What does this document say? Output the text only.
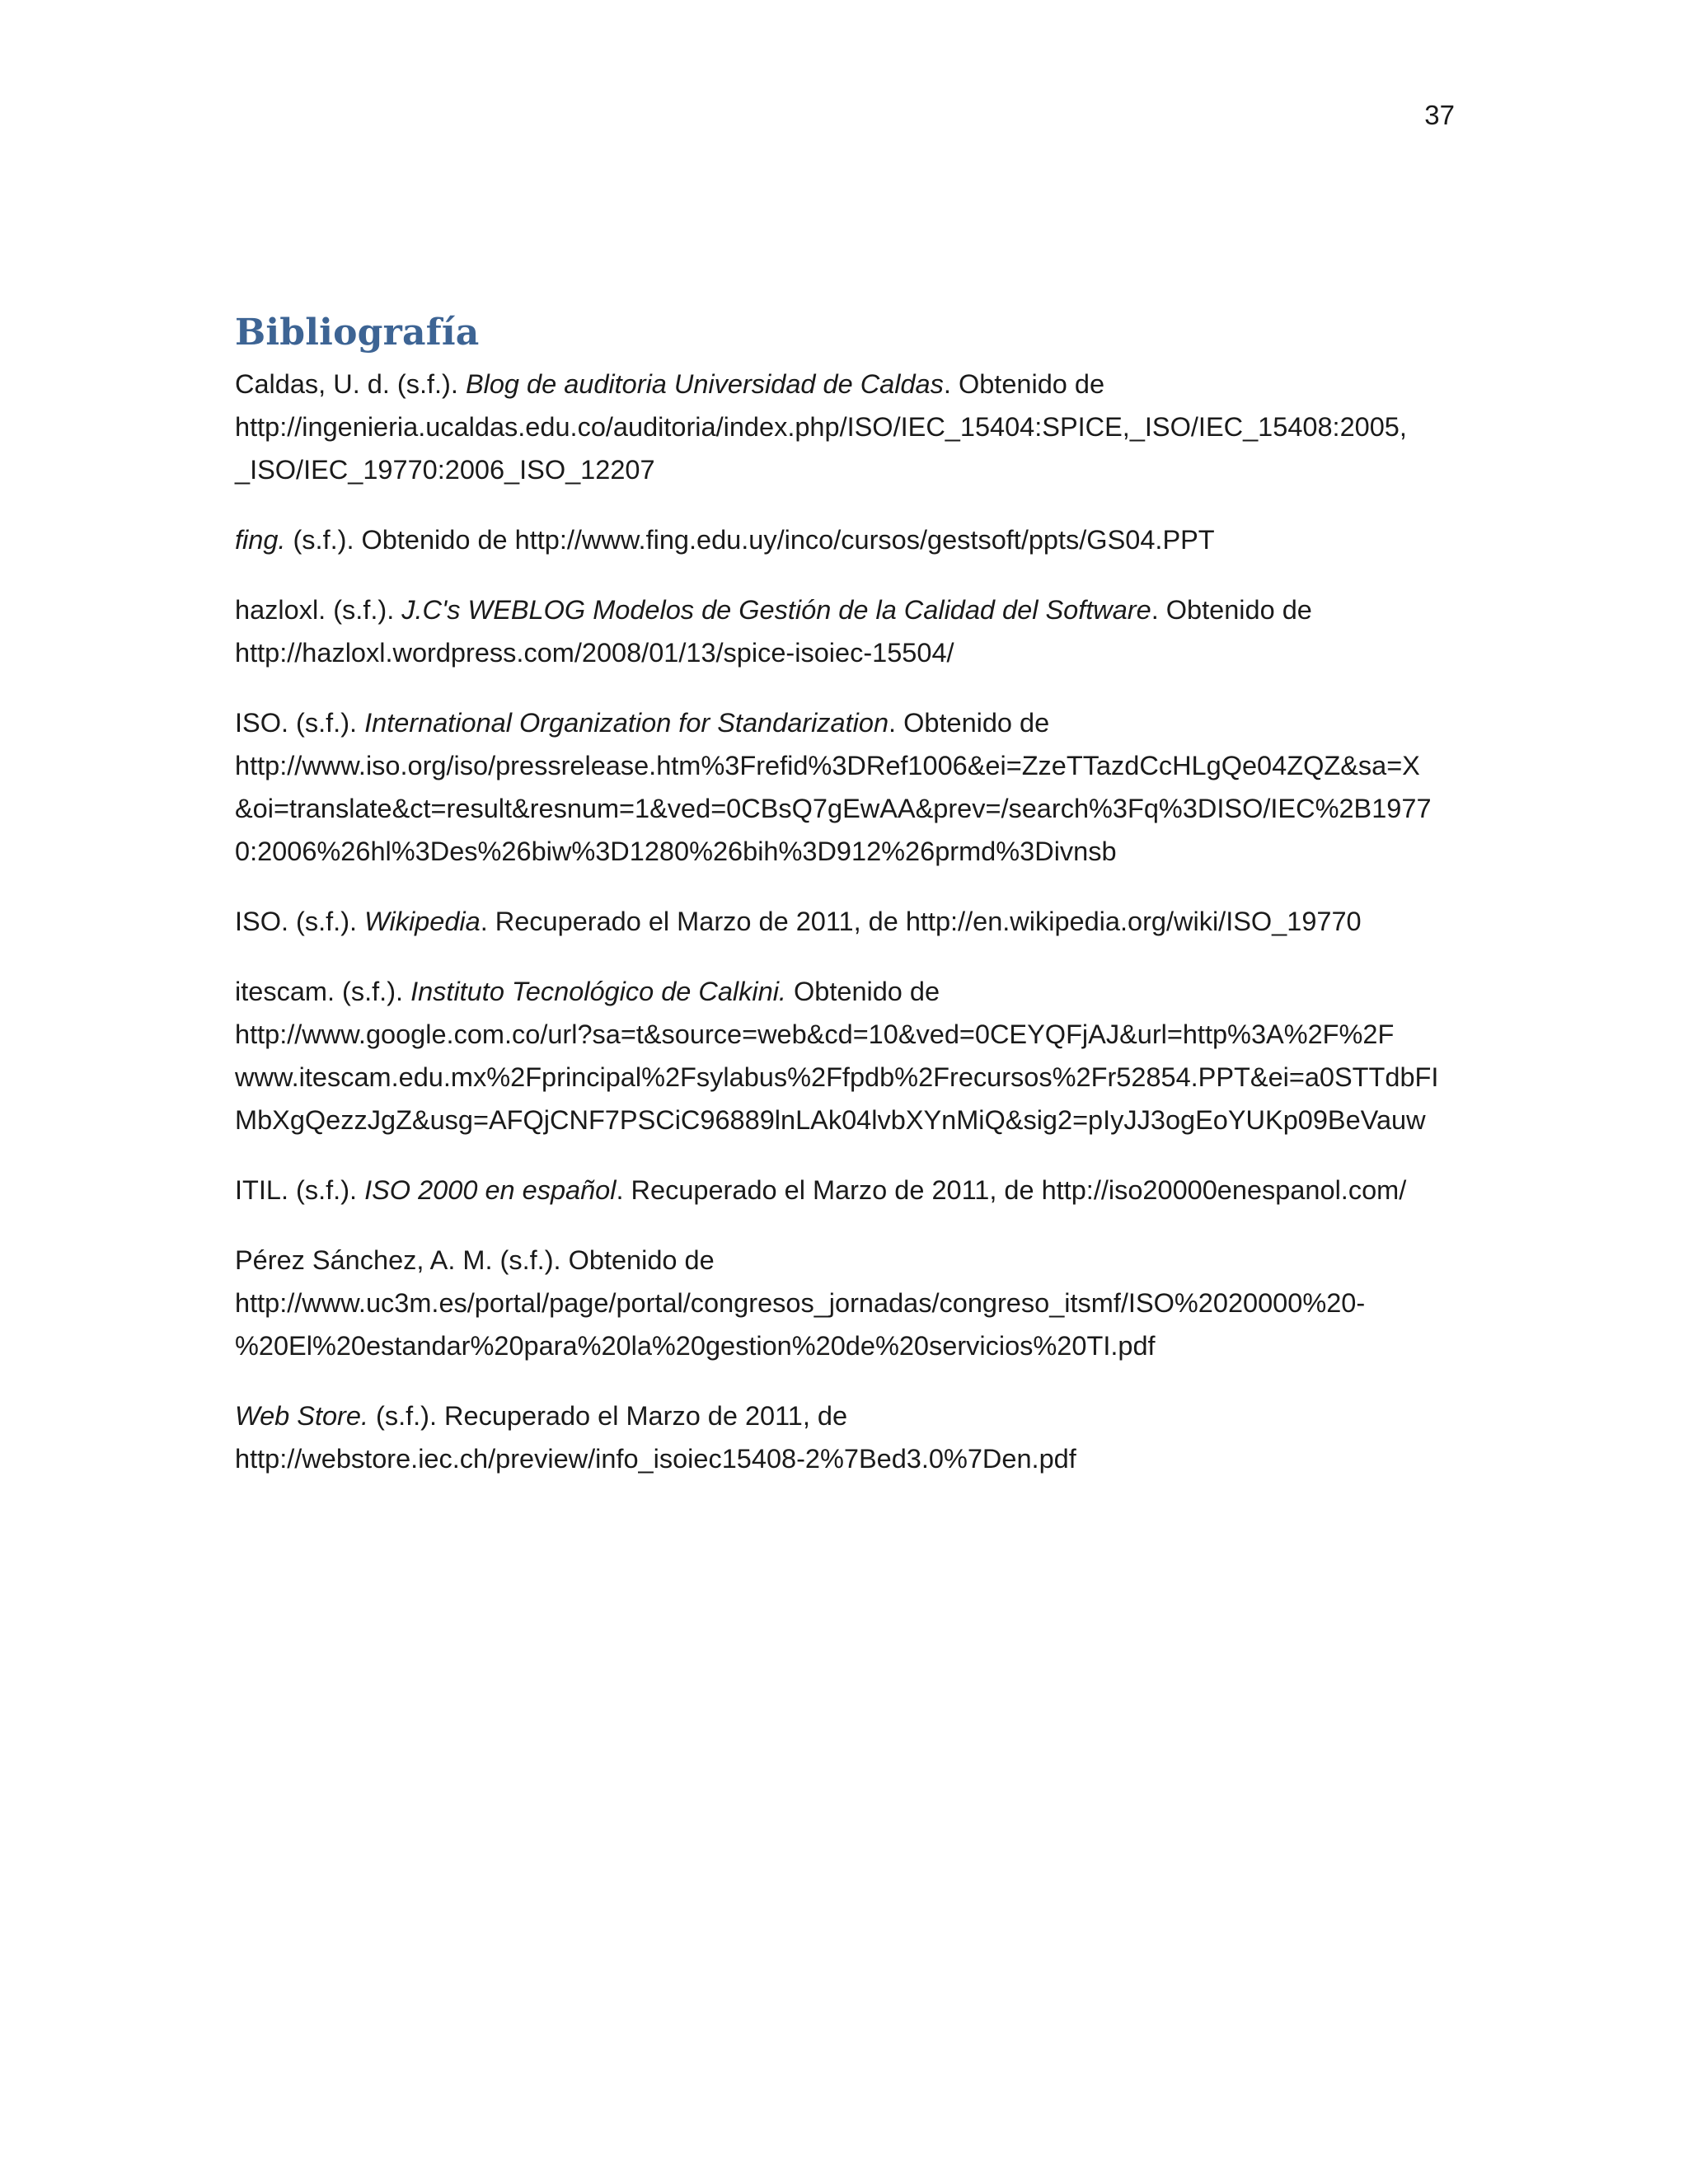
37
Bibliografía

Caldas, U. d. (s.f.). Blog de auditoria Universidad de Caldas. Obtenido de
http://ingenieria.ucaldas.edu.co/auditoria/index.php/ISO/IEC_15404:SPICE,_ISO/IEC_15408:2005,
_ISO/IEC_19770:2006_ISO_12207

fing. (s.f.). Obtenido de http://www.fing.edu.uy/inco/cursos/gestsoft/ppts/GS04.PPT

hazloxl. (s.f.). J.C's WEBLOG Modelos de Gestión de la Calidad del Software. Obtenido de
http://hazloxl.wordpress.com/2008/01/13/spice-isoiec-15504/

ISO. (s.f.). International Organization for Standarization. Obtenido de
http://www.iso.org/iso/pressrelease.htm%3Frefid%3DRef1006&ei=ZzeTTazdCcHLgQe04ZQZ&sa=X
&oi=translate&ct=result&resnum=1&ved=0CBsQ7gEwAA&prev=/search%3Fq%3DISO/IEC%2B1977
0:2006%26hl%3Des%26biw%3D1280%26bih%3D912%26prmd%3Divnsb

ISO. (s.f.). Wikipedia. Recuperado el Marzo de 2011, de http://en.wikipedia.org/wiki/ISO_19770

itescam. (s.f.). Instituto Tecnológico de Calkini. Obtenido de
http://www.google.com.co/url?sa=t&source=web&cd=10&ved=0CEYQFjAJ&url=http%3A%2F%2F
www.itescam.edu.mx%2Fprincipal%2Fsylabus%2Ffpdb%2Frecursos%2Fr52854.PPT&ei=a0STTdbFI
MbXgQezzJgZ&usg=AFQjCNF7PSCiC96889lnLAk04lvbXYnMiQ&sig2=pIyJJ3ogEoYUKp09BeVauw

ITIL. (s.f.). ISO 2000 en español. Recuperado el Marzo de 2011, de http://iso20000enespanol.com/

Pérez Sánchez, A. M. (s.f.). Obtenido de
http://www.uc3m.es/portal/page/portal/congresos_jornadas/congreso_itsmf/ISO%2020000%20-
%20El%20estandar%20para%20la%20gestion%20de%20servicios%20TI.pdf

Web Store. (s.f.). Recuperado el Marzo de 2011, de
http://webstore.iec.ch/preview/info_isoiec15408-2%7Bed3.0%7Den.pdf
